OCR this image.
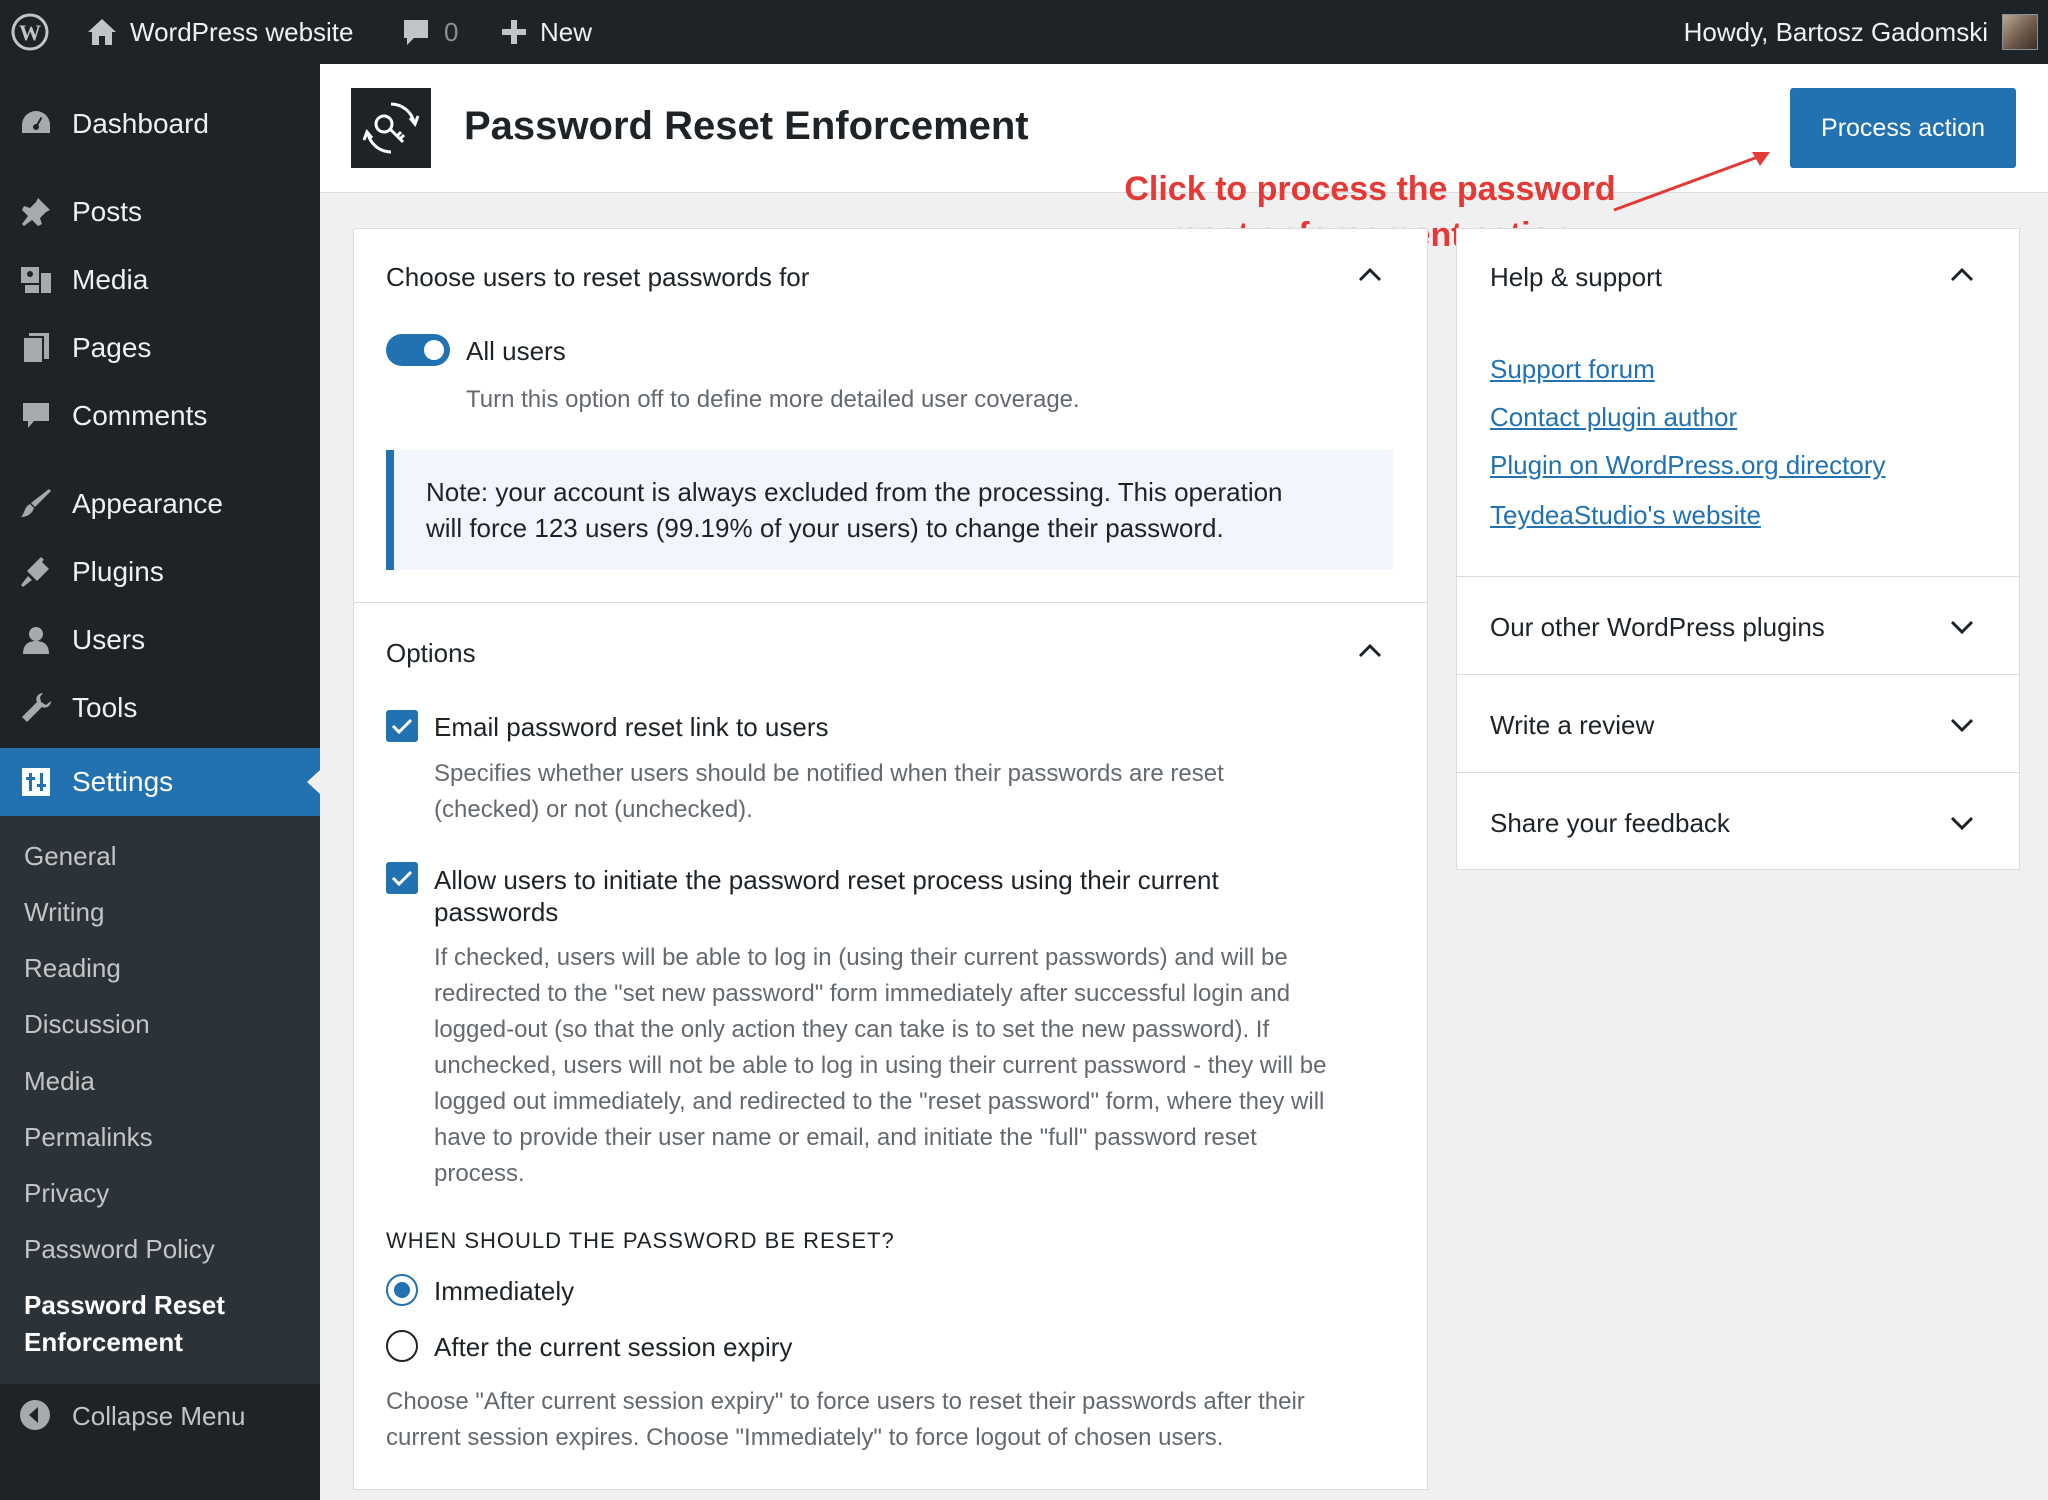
W	WordPress website	0	New	Howdy, Bartosz Gadomski
Dashboard
Posts
Media
Pages
Comments
Appearance
Plugins
Users
Tools
Settings
General
Writing
Reading
Discussion
Media
Permalinks
Privacy
Password Policy
Password Reset
Enforcement
Collapse Menu
Password Reset Enforcement	Process action
Click to process the password
Choose users to reset passwords for
All users
Turn this option off to define more detailed user coverage.
Note: your account is always excluded from the processing. This operation
will force 123 users (99.19% of your users) to change their password.
Options
Email password reset link to users
Specifies whether users should be notified when their passwords are reset
(checked) or not (unchecked).
Allow users to initiate the password reset process using their current
passwords
If checked, users will be able to log in (using their current passwords) and will be
redirected to the "set new password" form immediately after successful login and
logged-out (so that the only action they can take is to set the new password). If
unchecked, users will not be able to log in using their current password - they will be
logged out immediately, and redirected to the "reset password" form, where they will
have to provide their user name or email, and initiate the "full" password reset
process.
WHEN SHOULD THE PASSWORD BE RESET?
Immediately
After the current session expiry
Choose "After current session expiry" to force users to reset their passwords after their
current session expires. Choose "Immediately" to force logout of chosen users.
Help & support
Support forum
Contact plugin author
Plugin on WordPress.org directory
TeydeaStudio's website
Our other WordPress plugins
Write a review
Share your feedback
